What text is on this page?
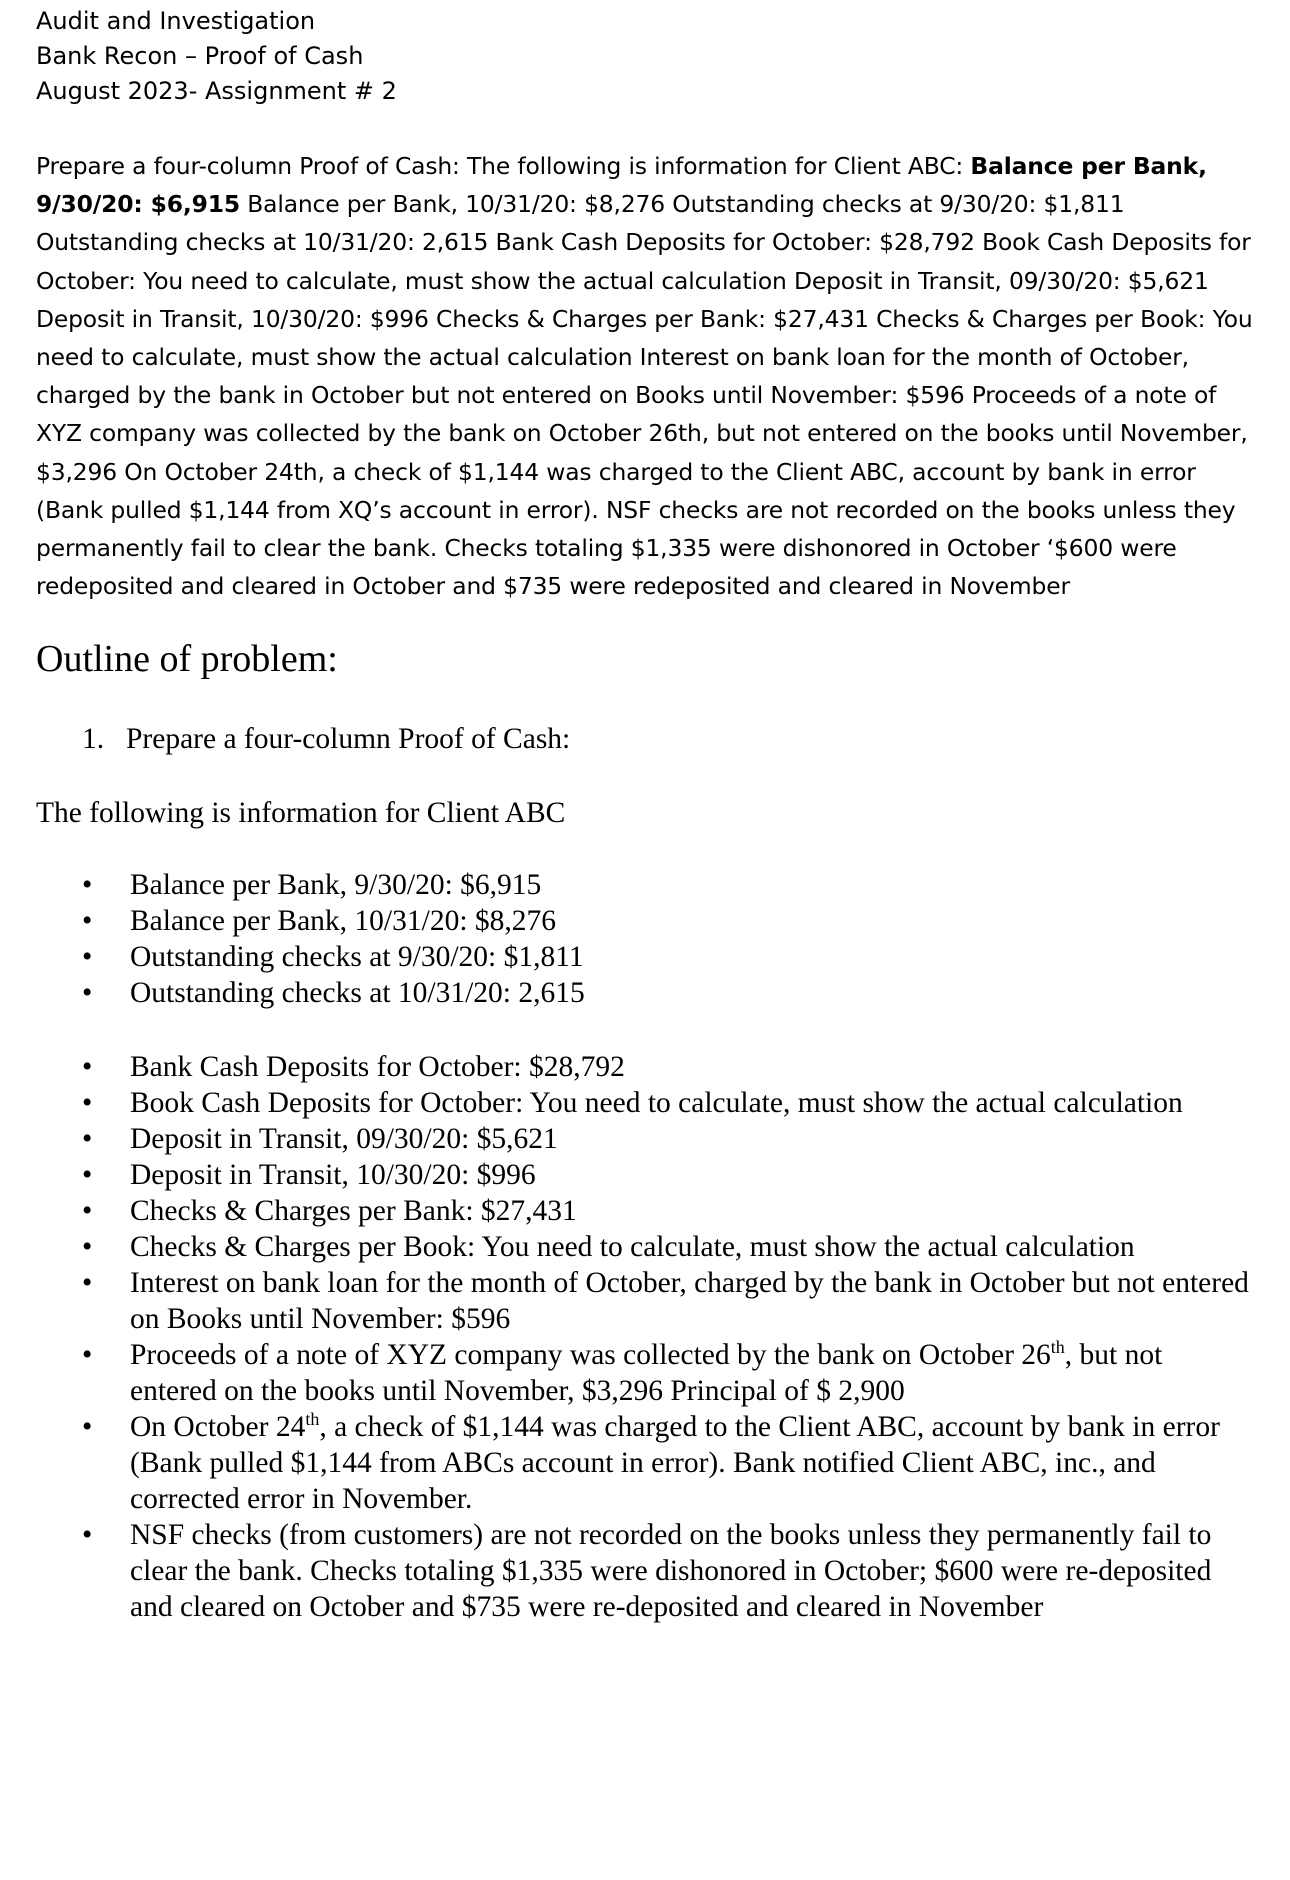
Audit and Investigation
Bank Recon – Proof of Cash
August 2023- Assignment # 2
Prepare a four-column Proof of Cash: The following is information for Client ABC: Balance per Bank, 9/30/20: $6,915 Balance per Bank, 10/31/20: $8,276 Outstanding checks at 9/30/20: $1,811 Outstanding checks at 10/31/20: 2,615 Bank Cash Deposits for October: $28,792 Book Cash Deposits for October: You need to calculate, must show the actual calculation Deposit in Transit, 09/30/20: $5,621 Deposit in Transit, 10/30/20: $996 Checks & Charges per Bank: $27,431 Checks & Charges per Book: You need to calculate, must show the actual calculation Interest on bank loan for the month of October, charged by the bank in October but not entered on Books until November: $596 Proceeds of a note of XYZ company was collected by the bank on October 26th, but not entered on the books until November, $3,296 On October 24th, a check of $1,144 was charged to the Client ABC, account by bank in error (Bank pulled $1,144 from XQ’s account in error). NSF checks are not recorded on the books unless they permanently fail to clear the bank. Checks totaling $1,335 were dishonored in October ‘$600 were redeposited and cleared in October and $735 were redeposited and cleared in November
Outline of problem:
1. Prepare a four-column Proof of Cash:
The following is information for Client ABC
• Balance per Bank, 9/30/20: $6,915
• Balance per Bank, 10/31/20: $8,276
• Outstanding checks at 9/30/20: $1,811
• Outstanding checks at 10/31/20: 2,615
• Bank Cash Deposits for October: $28,792
• Book Cash Deposits for October: You need to calculate, must show the actual calculation
• Deposit in Transit, 09/30/20: $5,621
• Deposit in Transit, 10/30/20: $996
• Checks & Charges per Bank: $27,431
• Checks & Charges per Book: You need to calculate, must show the actual calculation
• Interest on bank loan for the month of October, charged by the bank in October but not entered on Books until November: $596
• Proceeds of a note of XYZ company was collected by the bank on October 26th, but not entered on the books until November, $3,296 Principal of $ 2,900
• On October 24th, a check of $1,144 was charged to the Client ABC, account by bank in error (Bank pulled $1,144 from ABCs account in error). Bank notified Client ABC, inc., and corrected error in November.
• NSF checks (from customers) are not recorded on the books unless they permanently fail to clear the bank. Checks totaling $1,335 were dishonored in October; $600 were re-deposited and cleared on October and $735 were re-deposited and cleared in November
